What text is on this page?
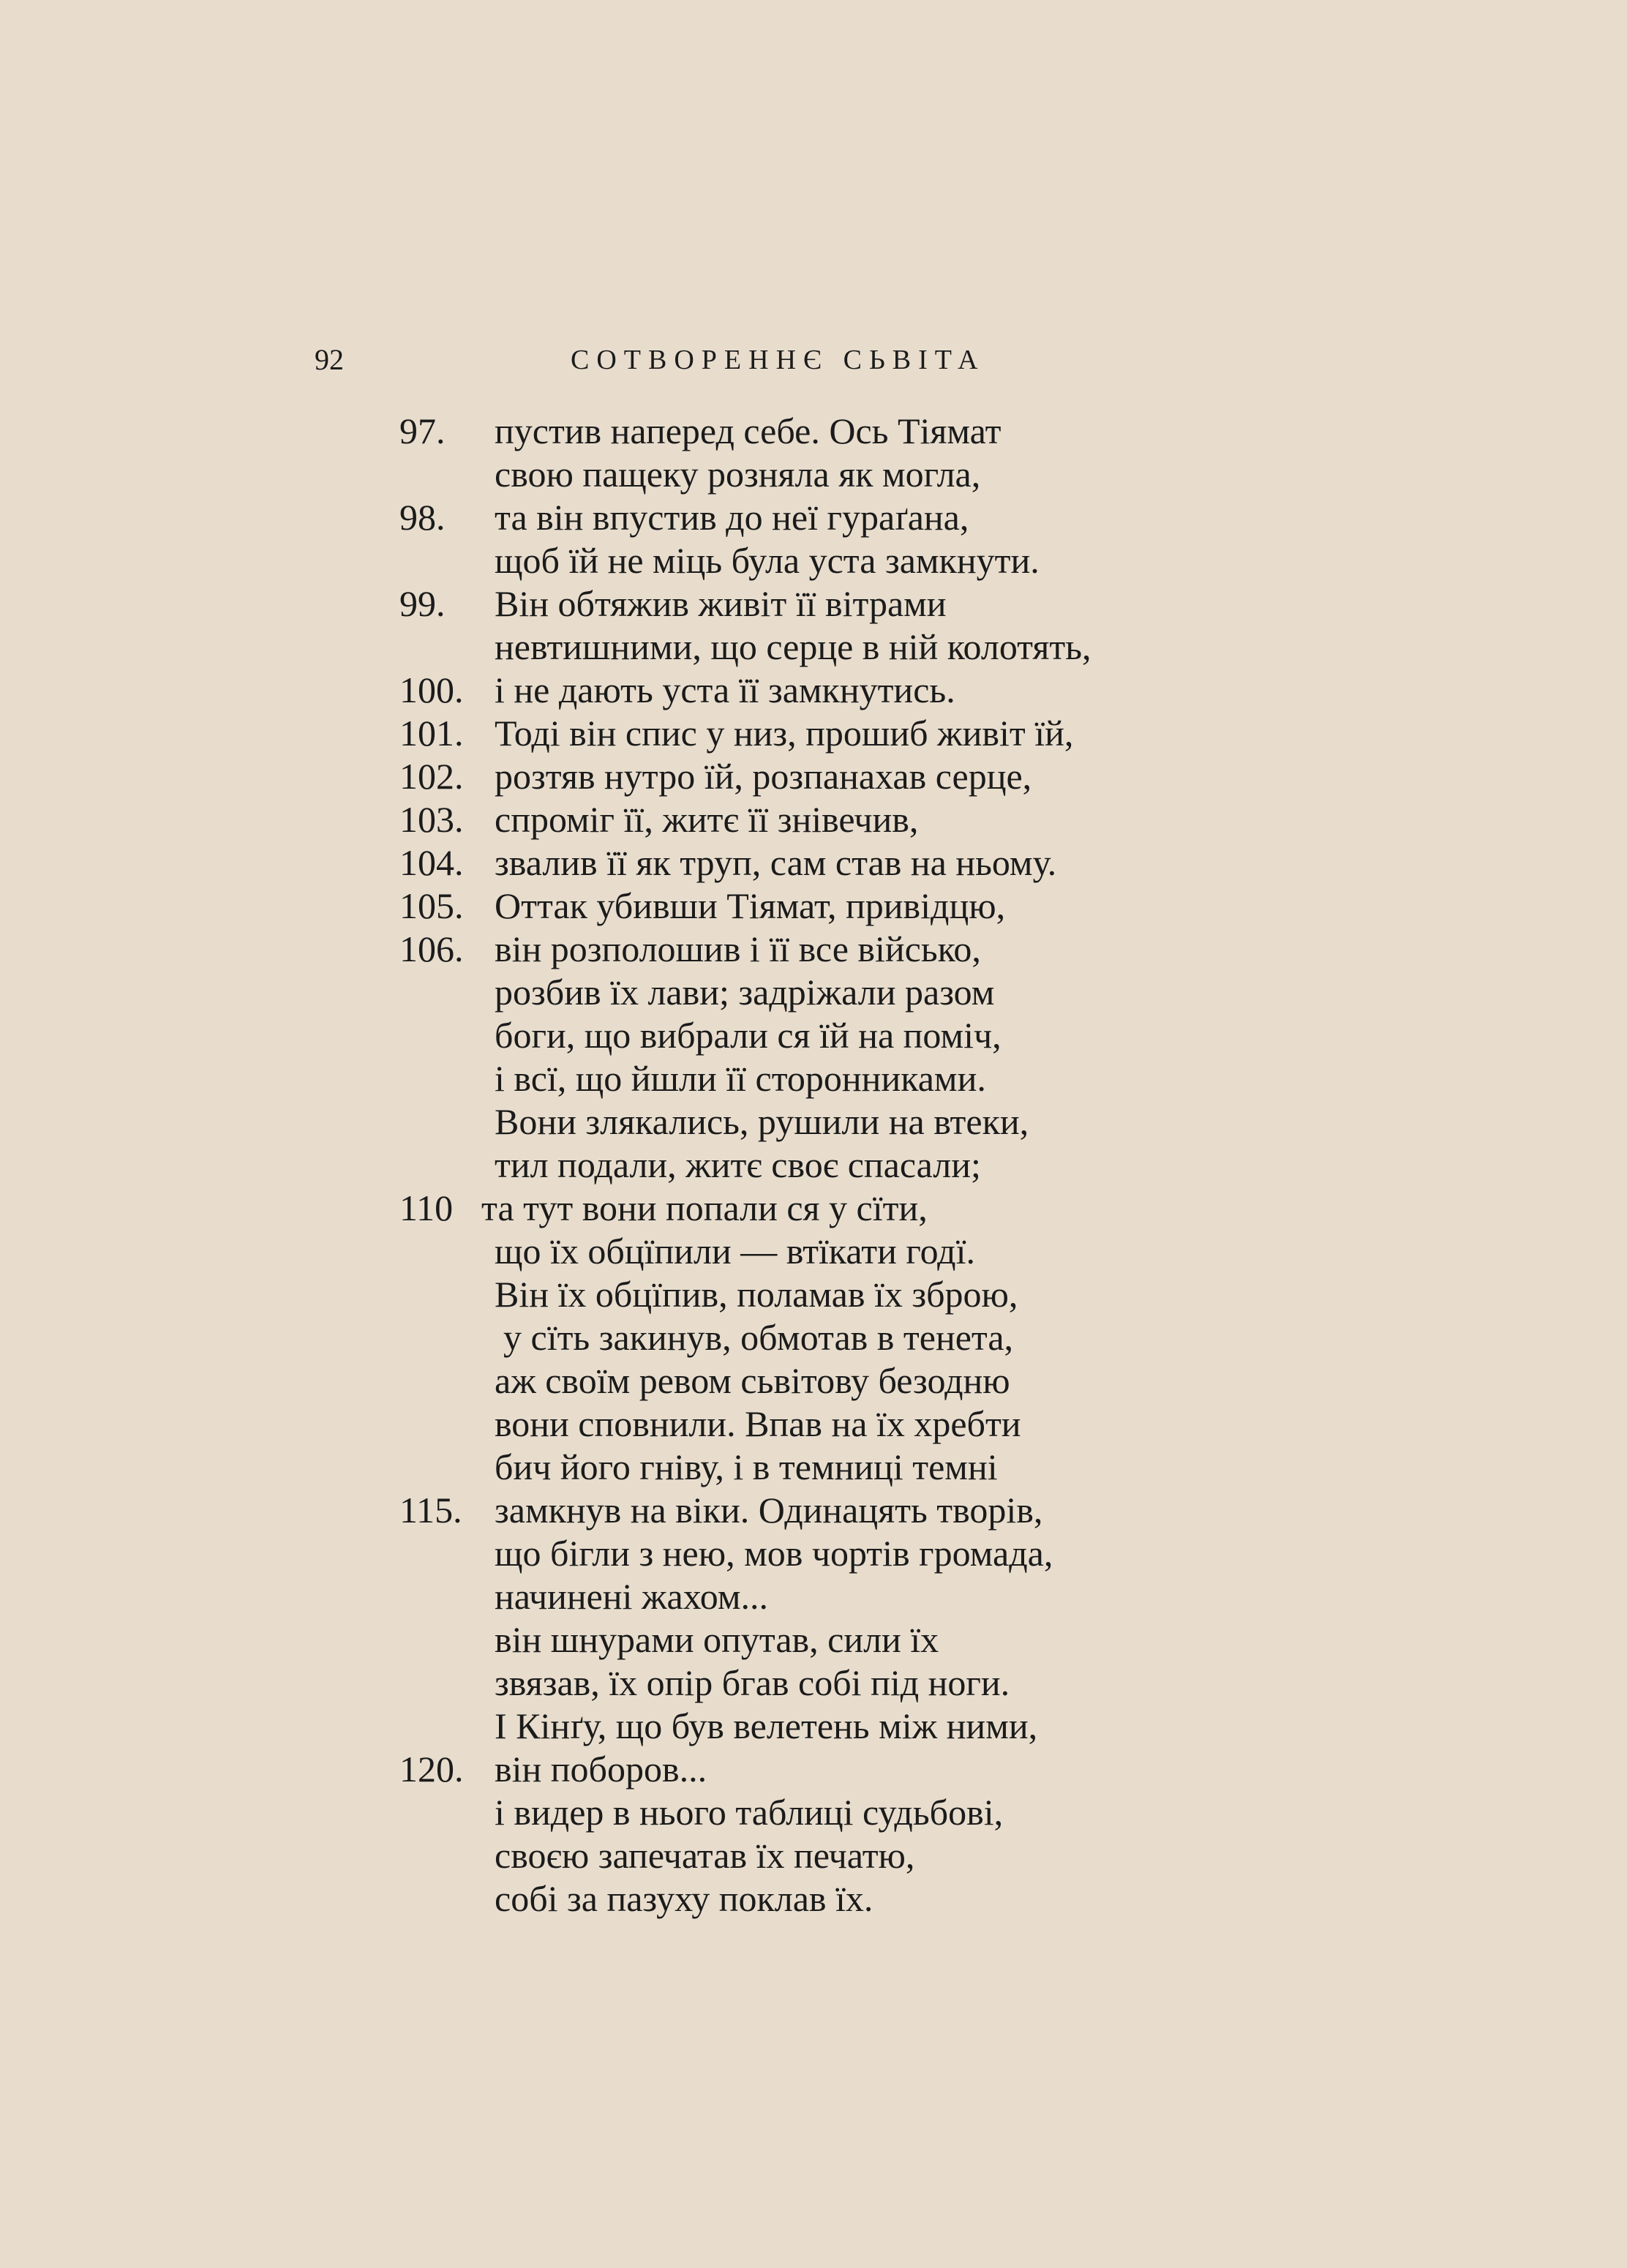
92	СОТВОРЕННЄ СЬВІТА
97. пустив наперед себе. Ось Тіямат
свою пащеку розняла як могла,
98. та він впустив до неї гураґана,
щоб їй не міць була уста замкнути.
99. Він обтяжив живіт її вітрами
невтишними, що серце в ній колотять,
100. і не дають уста її замкнутись.
101. Тоді він спис у низ, прошиб живіт їй,
102. розтяв нутро їй, розпанахав серце,
103. спроміг її, житє її знівечив,
104. звалив її як труп, сам став на ньому.
105. Оттак убивши Тіямат, привідцю,
106. він розполошив і її все військо,
розбив їх лави; задріжали разом
боги, що вибрали ся їй на поміч,
і всї, що йшли її сторонниками.
Вони злякались, рушили на втеки,
тил подали, житє своє спасали;
110 та тут вони попали ся у сїти,
що їх обцїпили — втїкати годї.
Він їх обцїпив, поламав їх зброю,
у сїть закинув, обмотав в тенета,
аж своїм ревом сьвітову безодню
вони сповнили. Впав на їх хребти
бич його гніву, і в темниці темні
115. замкнув на віки. Одинацять творів,
що бігли з нею, мов чортів громада,
начинені жахом...
він шнурами опутав, сили їх
звязав, їх опір бгав собі під ноги.
І Кінґу, що був велетень між ними,
120. він поборов...
і видер в нього таблиці судьбові,
своєю запечатав їх печатю,
собі за пазуху поклав їх.
